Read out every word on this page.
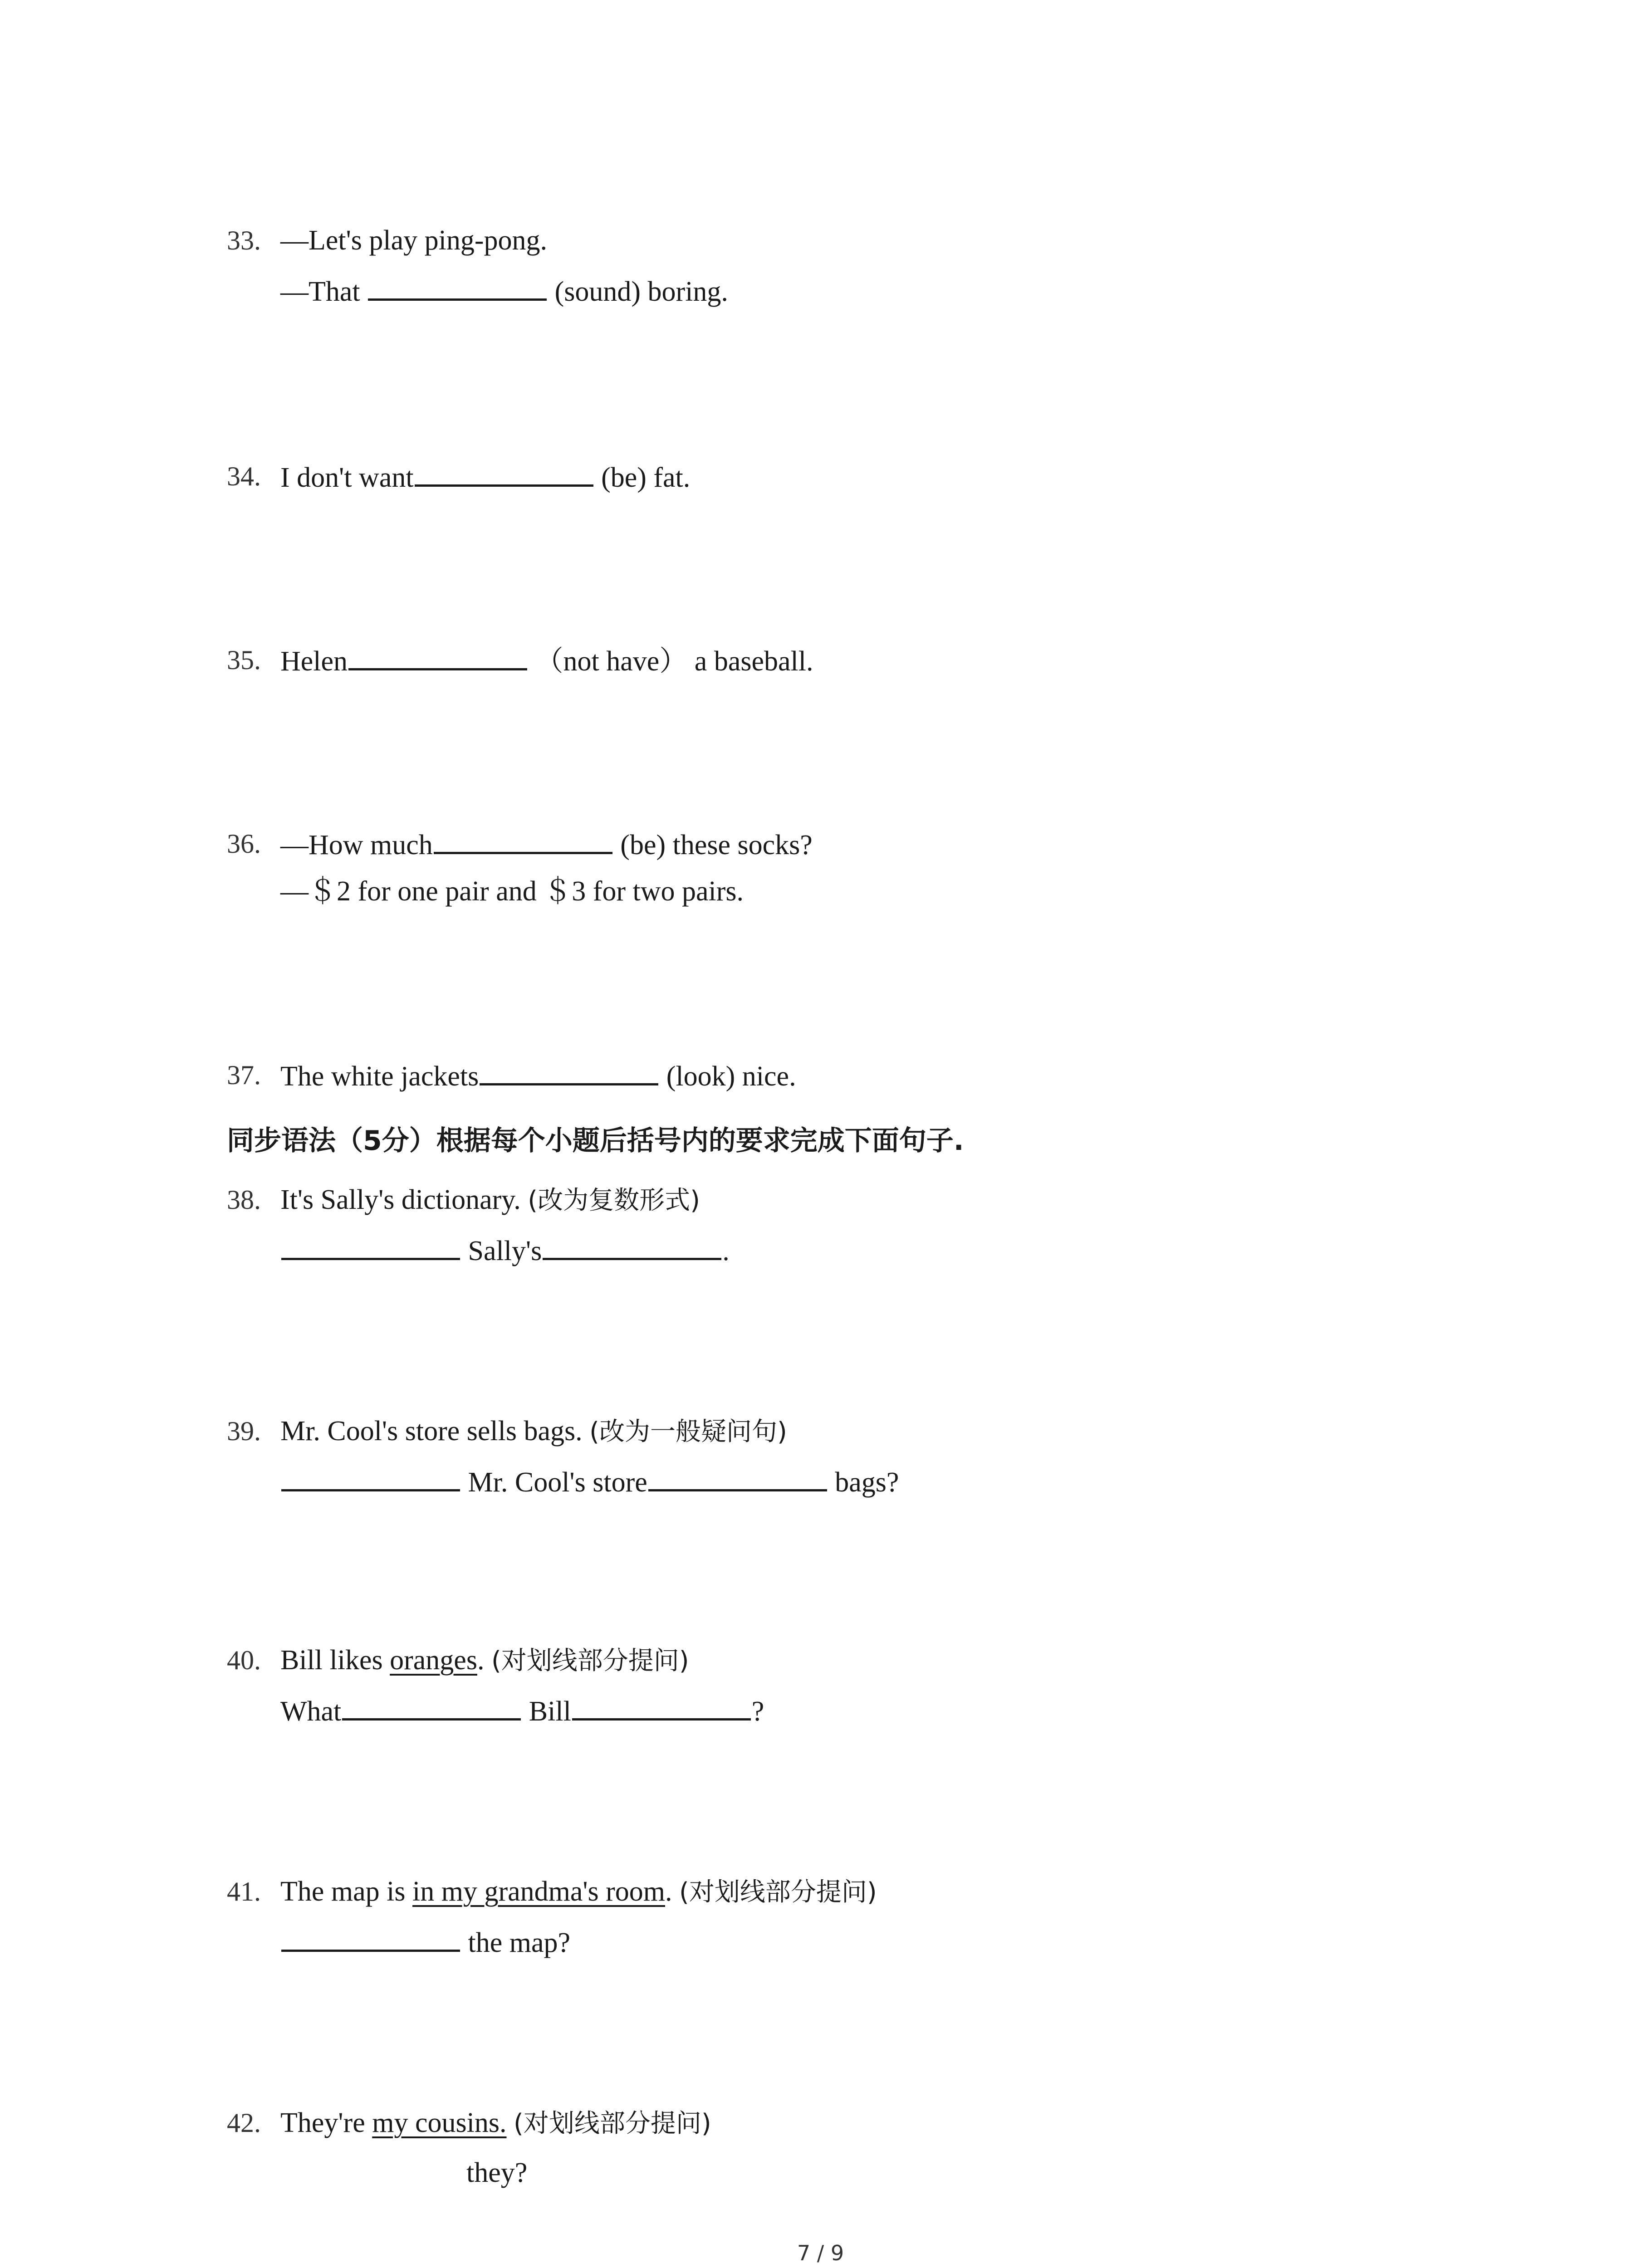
33. —Let's play ping-pong.
—That	(sound) boring.
34. I don't want	(be) fat.
35. Helen	（not have） a baseball.
36. —How much	(be) these socks?
—＄2 for one pair and ＄3 for two pairs.
37. The white jackets	(look) nice.
同步语法（5分）根据每个小题后括号内的要求完成下面句子.
38. It's Sally's dictionary. (改为复数形式)
Sally's	.
39. Mr. Cool's store sells bags. (改为一般疑问句)
Mr. Cool's store	bags?
40. Bill likes oranges. (对划线部分提问)
What	Bill	?
41. The map is in my grandma's room. (对划线部分提问)
the map?
42. They're my cousins. (对划线部分提问)
they?
7 / 9
